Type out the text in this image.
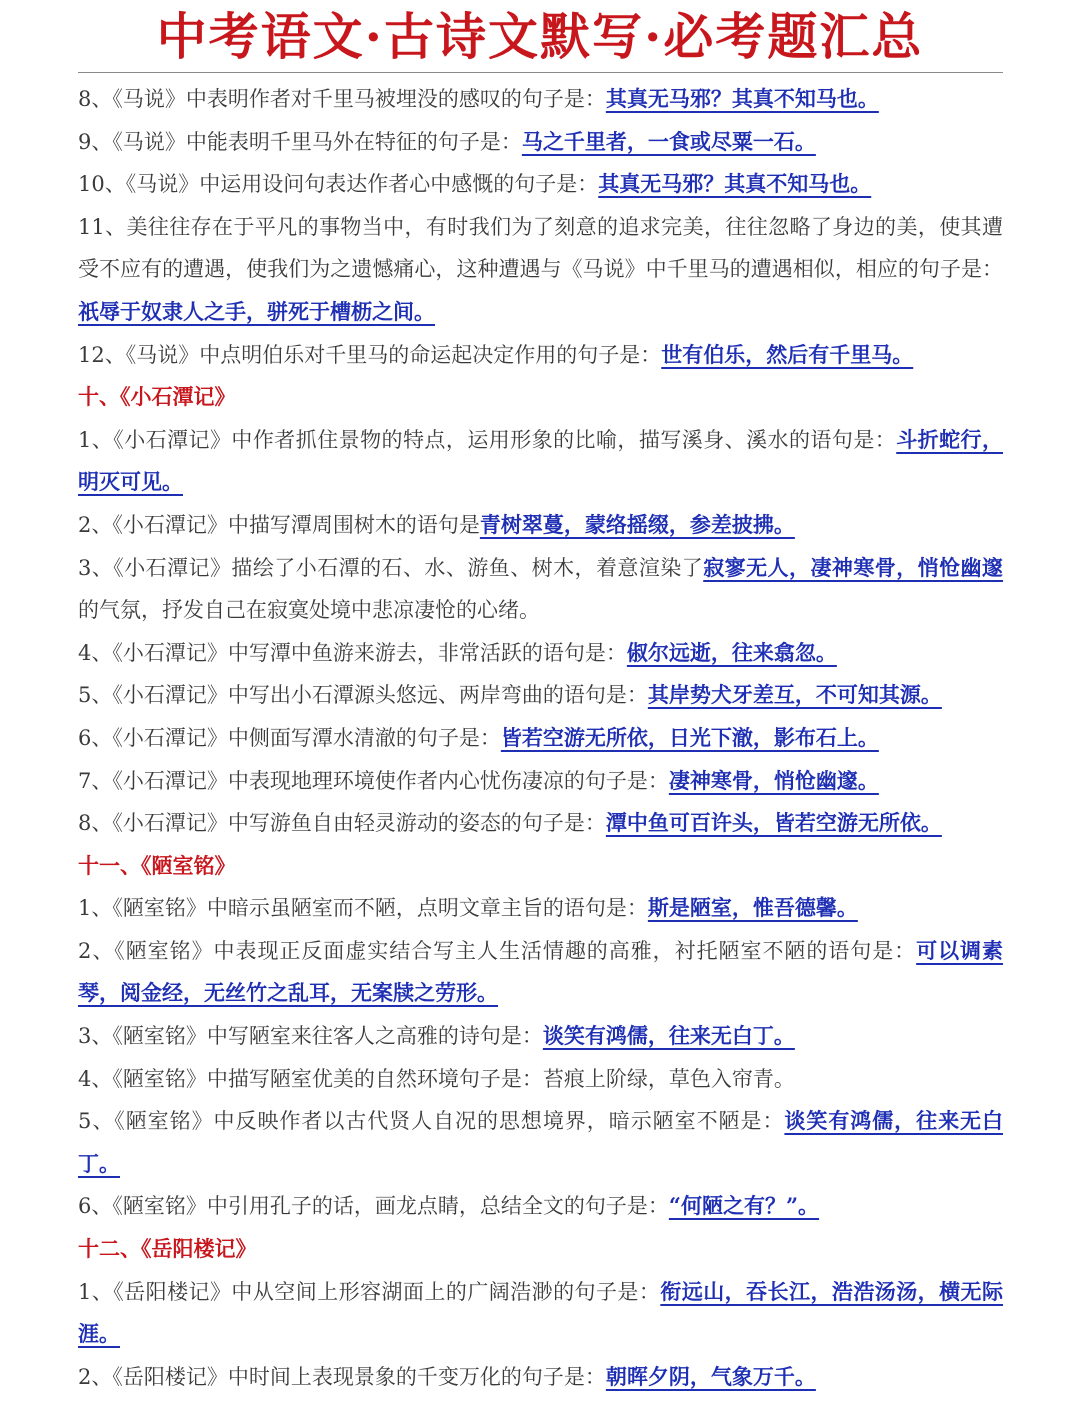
中考语文·古诗文默写·必考题汇总

8、《马说》中表明作者对千里马被埋没的感叹的句子是：其真无马邪？其真不知马也。

9、《马说》中能表明千里马外在特征的句子是：马之千里者，一食或尽粟一石。

10、《马说》中运用设问句表达作者心中感慨的句子是：其真无马邪？其真不知马也。

11、美往往存在于平凡的事物当中，有时我们为了刻意的追求完美，往往忽略了身边的美，使其遭受不应有的遭遇，使我们为之遗憾痛心，这种遭遇与《马说》中千里马的遭遇相似，相应的句子是：祇辱于奴隶人之手，骈死于槽枥之间。

12、《马说》中点明伯乐对千里马的命运起决定作用的句子是：世有伯乐，然后有千里马。

十、《小石潭记》

1、《小石潭记》中作者抓住景物的特点，运用形象的比喻，描写溪身、溪水的语句是：斗折蛇行，明灭可见。

2、《小石潭记》中描写潭周围树木的语句是青树翠蔓，蒙络摇缀，参差披拂。

3、《小石潭记》描绘了小石潭的石、水、游鱼、树木，着意渲染了寂寥无人，凄神寒骨，悄怆幽邃的气氛，抒发自己在寂寞处境中悲凉凄怆的心绪。

4、《小石潭记》中写潭中鱼游来游去，非常活跃的语句是：俶尔远逝，往来翕忽。

5、《小石潭记》中写出小石潭源头悠远、两岸弯曲的语句是：其岸势犬牙差互，不可知其源。

6、《小石潭记》中侧面写潭水清澈的句子是：皆若空游无所依，日光下澈，影布石上。

7、《小石潭记》中表现地理环境使作者内心忧伤凄凉的句子是：凄神寒骨，悄怆幽邃。

8、《小石潭记》中写游鱼自由轻灵游动的姿态的句子是：潭中鱼可百许头，皆若空游无所依。

十一、《陋室铭》

1、《陋室铭》中暗示虽陋室而不陋，点明文章主旨的语句是：斯是陋室，惟吾德馨。

2、《陋室铭》中表现正反面虚实结合写主人生活情趣的高雅，衬托陋室不陋的语句是：可以调素琴，阅金经，无丝竹之乱耳，无案牍之劳形。

3、《陋室铭》中写陋室来往客人之高雅的诗句是：谈笑有鸿儒，往来无白丁。

4、《陋室铭》中描写陋室优美的自然环境句子是：苔痕上阶绿，草色入帘青。

5、《陋室铭》中反映作者以古代贤人自况的思想境界，暗示陋室不陋是：谈笑有鸿儒，往来无白丁。

6、《陋室铭》中引用孔子的话，画龙点睛，总结全文的句子是：“何陋之有？”。

十二、《岳阳楼记》

1、《岳阳楼记》中从空间上形容湖面上的广阔浩渺的句子是：衔远山，吞长江，浩浩汤汤，横无际涯。

2、《岳阳楼记》中时间上表现景象的千变万化的句子是：朝晖夕阴，气象万千。
